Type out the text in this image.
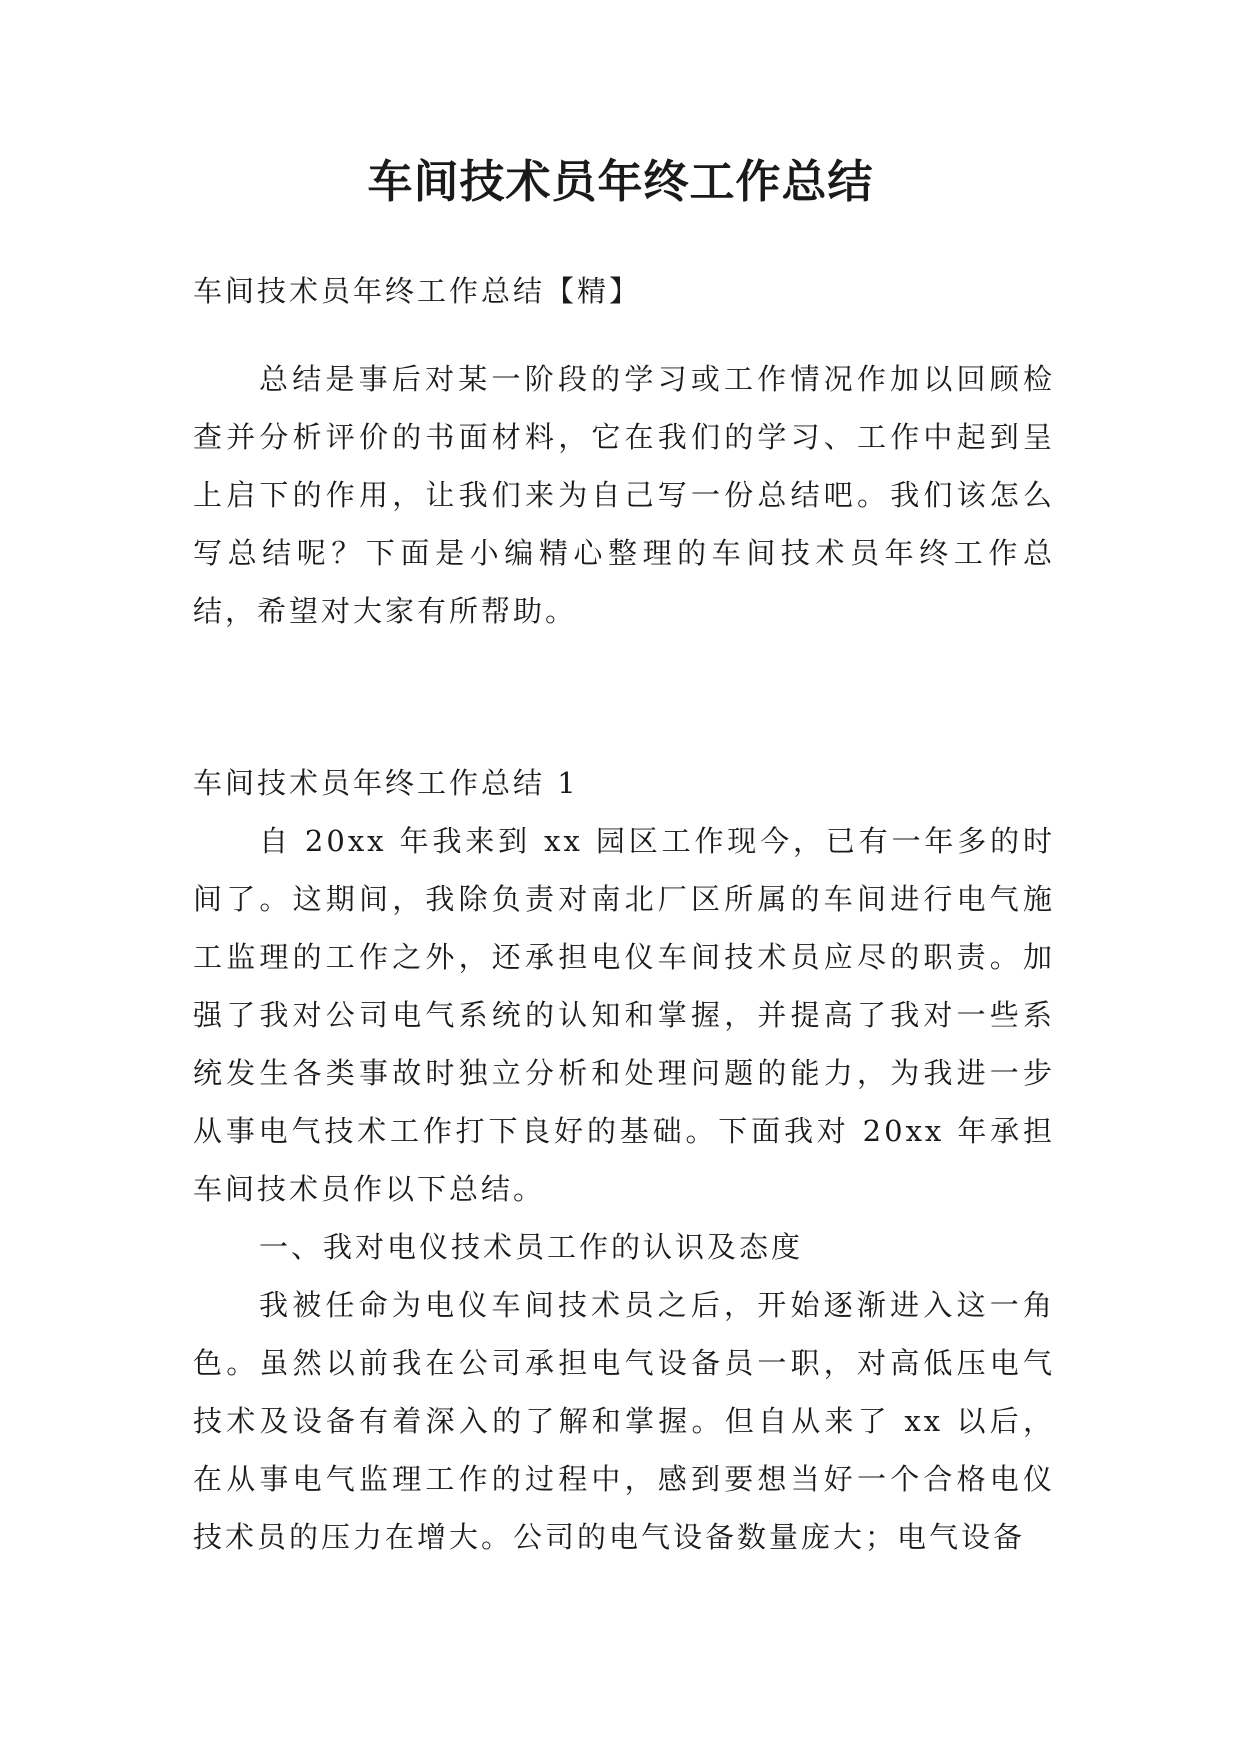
车间技术员年终工作总结

车间技术员年终工作总结【精】

总结是事后对某一阶段的学习或工作情况作加以回顾检查并分析评价的书面材料，它在我们的学习、工作中起到呈上启下的作用，让我们来为自己写一份总结吧。我们该怎么写总结呢？下面是小编精心整理的车间技术员年终工作总结，希望对大家有所帮助。

车间技术员年终工作总结 1

自 20xx 年我来到 xx 园区工作现今，已有一年多的时间了。这期间，我除负责对南北厂区所属的车间进行电气施工监理的工作之外，还承担电仪车间技术员应尽的职责。加强了我对公司电气系统的认知和掌握，并提高了我对一些系统发生各类事故时独立分析和处理问题的能力，为我进一步从事电气技术工作打下良好的基础。下面我对 20xx 年承担车间技术员作以下总结。

一、我对电仪技术员工作的认识及态度

我被任命为电仪车间技术员之后，开始逐渐进入这一角色。虽然以前我在公司承担电气设备员一职，对高低压电气技术及设备有着深入的了解和掌握。但自从来了 xx 以后，在从事电气监理工作的过程中，感到要想当好一个合格电仪技术员的压力在增大。公司的电气设备数量庞大；电气设备
